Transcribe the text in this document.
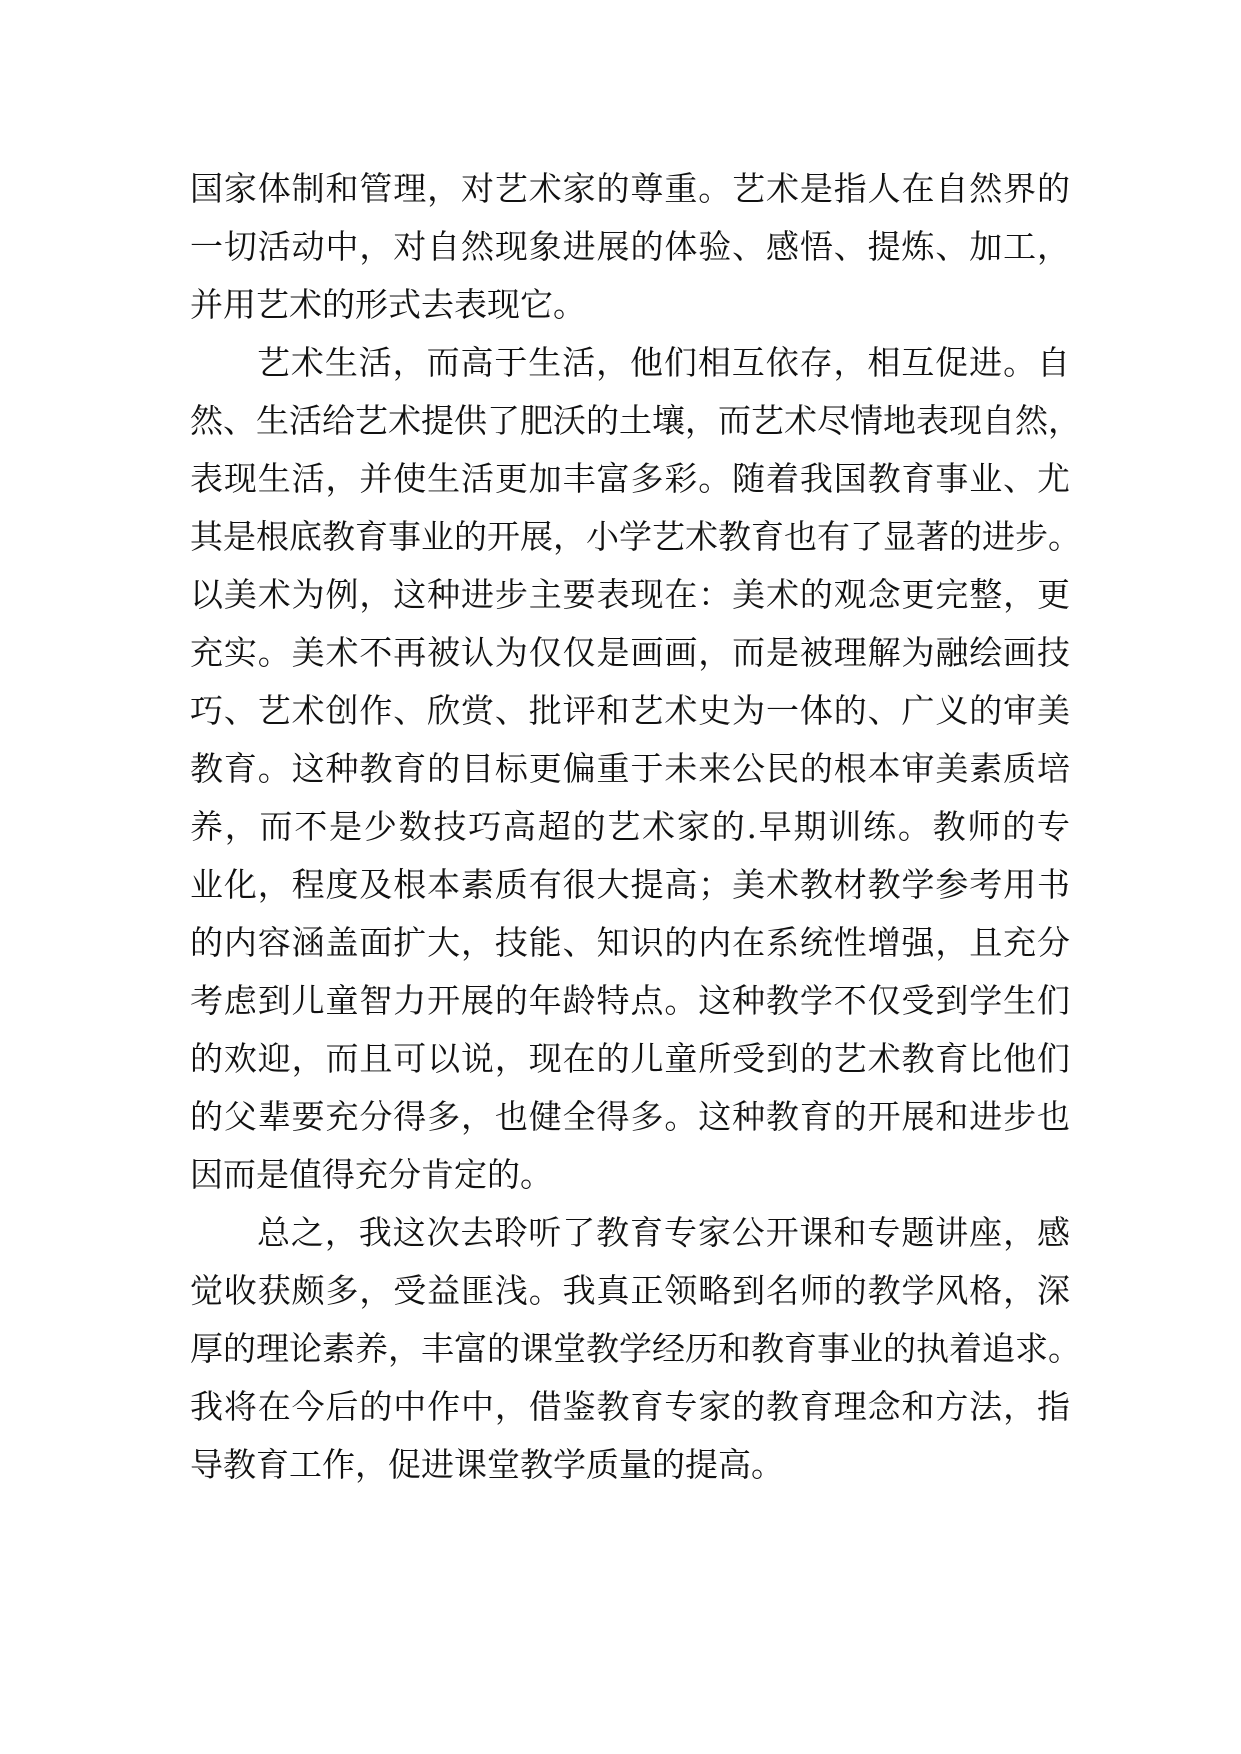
国家体制和管理，对艺术家的尊重。艺术是指人在自然界的
一切活动中，对自然现象进展的体验、感悟、提炼、加工，
并用艺术的形式去表现它。
艺术生活，而高于生活，他们相互依存，相互促进。自
然、生活给艺术提供了肥沃的土壤，而艺术尽情地表现自然，
表现生活，并使生活更加丰富多彩。随着我国教育事业、尤
其是根底教育事业的开展，小学艺术教育也有了显著的进步。
以美术为例，这种进步主要表现在：美术的观念更完整，更
充实。美术不再被认为仅仅是画画，而是被理解为融绘画技
巧、艺术创作、欣赏、批评和艺术史为一体的、广义的审美
教育。这种教育的目标更偏重于未来公民的根本审美素质培
养，而不是少数技巧高超的艺术家的.早期训练。教师的专
业化，程度及根本素质有很大提高；美术教材教学参考用书
的内容涵盖面扩大，技能、知识的内在系统性增强，且充分
考虑到儿童智力开展的年龄特点。这种教学不仅受到学生们
的欢迎，而且可以说，现在的儿童所受到的艺术教育比他们
的父辈要充分得多，也健全得多。这种教育的开展和进步也
因而是值得充分肯定的。
总之，我这次去聆听了教育专家公开课和专题讲座，感
觉收获颇多，受益匪浅。我真正领略到名师的教学风格，深
厚的理论素养，丰富的课堂教学经历和教育事业的执着追求。
我将在今后的中作中，借鉴教育专家的教育理念和方法，指
导教育工作，促进课堂教学质量的提高。
